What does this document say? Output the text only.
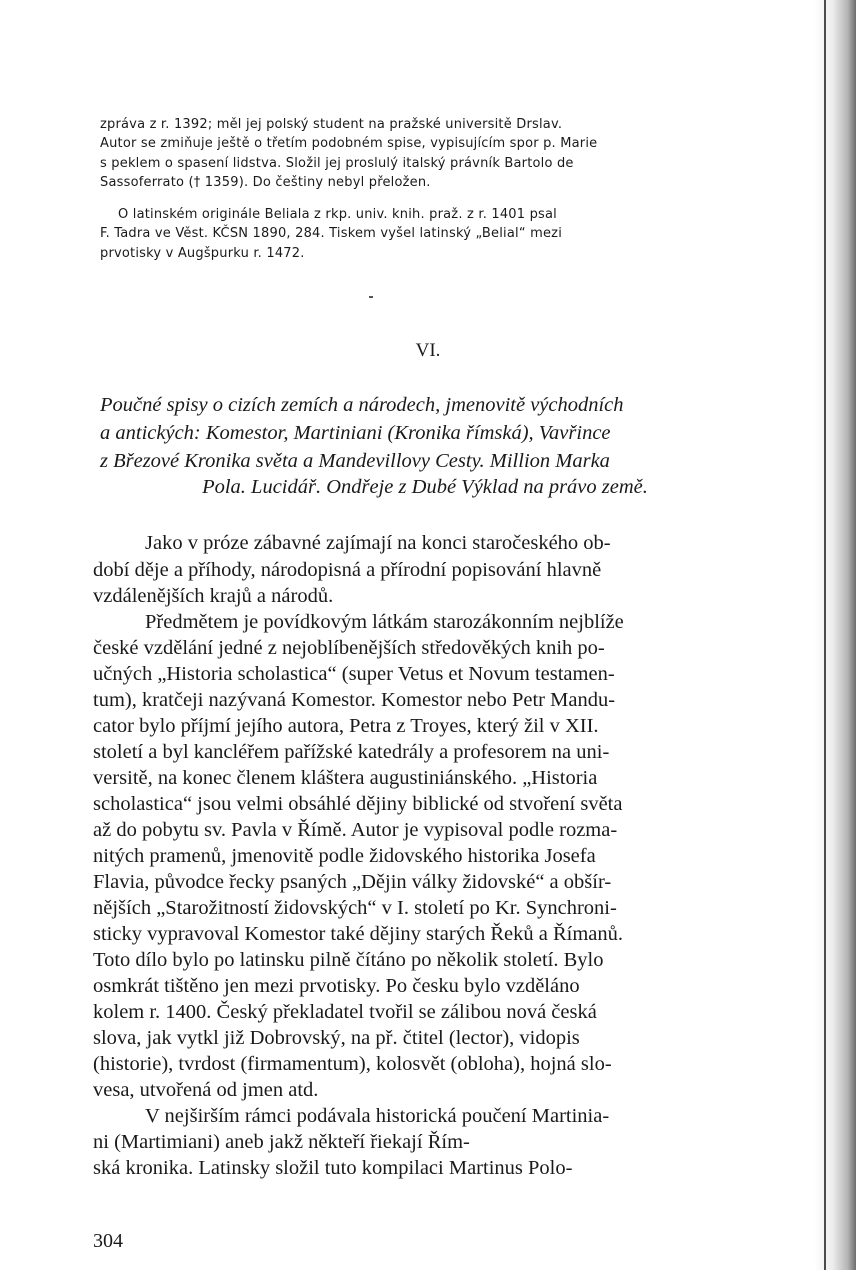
zpráva z r. 1392; měl jej polský student na pražské universitě Drslav.
Autor se zmiňuje ještě o třetím podobném spise, vypisujícím spor p. Marie
s peklem o spasení lidstva. Složil jej proslulý italský právník Bartolo de
Sassoferrato († 1359). Do češtiny nebyl přeložen.
O latinském originále Beliala z rkp. univ. knih. praž. z r. 1401 psal
F. Tadra ve Věst. KČSN 1890, 284. Tiskem vyšel latinský „Belial“ mezi
prvotisky v Augšpurku r. 1472.
VI.
Poučné spisy o cizích zemích a národech, jmenovitě východních
a antických: Komestor, Martiniani (Kronika římská), Vavřince
z Březové Kronika světa a Mandevillovy Cesty. Million Marka
Pola. Lucidář. Ondřeje z Dubé Výklad na právo země.
Jako v próze zábavné zajímají na konci staročeského ob-
dobí děje a příhody, národopisná a přírodní popisování hlavně
vzdálenějších krajů a národů.
Předmětem je povídkovým látkám starozákonním nejblíže
české vzdělání jedné z nejoblíbenějších středověkých knih po-
učných „Historia scholastica“ (super Vetus et Novum testamen-
tum), kratčeji nazývaná Komestor. Komestor nebo Petr Mandu-
cator bylo příjmí jejího autora, Petra z Troyes, který žil v XII.
století a byl kancléřem pařížské katedrály a profesorem na uni-
versitě, na konec členem kláštera augustiniánského. „Historia
scholastica“ jsou velmi obsáhlé dějiny biblické od stvoření světa
až do pobytu sv. Pavla v Římě. Autor je vypisoval podle rozma-
nitých pramenů, jmenovitě podle židovského historika Josefa
Flavia, původce řecky psaných „Dějin války židovské“ a obšír-
nějších „Starožitností židovských“ v I. století po Kr. Synchroni-
sticky vypravoval Komestor také dějiny starých Řeků a Římanů.
Toto dílo bylo po latinsku pilně čítáno po několik století. Bylo
osmkrát tištěno jen mezi prvotisky. Po česku bylo vzděláno
kolem r. 1400. Český překladatel tvořil se zálibou nová česká
slova, jak vytkl již Dobrovský, na př. čtitel (lector), vidopis
(historie), tvrdost (firmamentum), kolosvět (obloha), hojná slo-
vesa, utvořená od jmen atd.
V nejširším rámci podávala historická poučení Martinia-
ni (Martimiani) aneb jakž někteří řiekají Řím-
ská kronika. Latinsky složil tuto kompilaci Martinus Polo-
304
